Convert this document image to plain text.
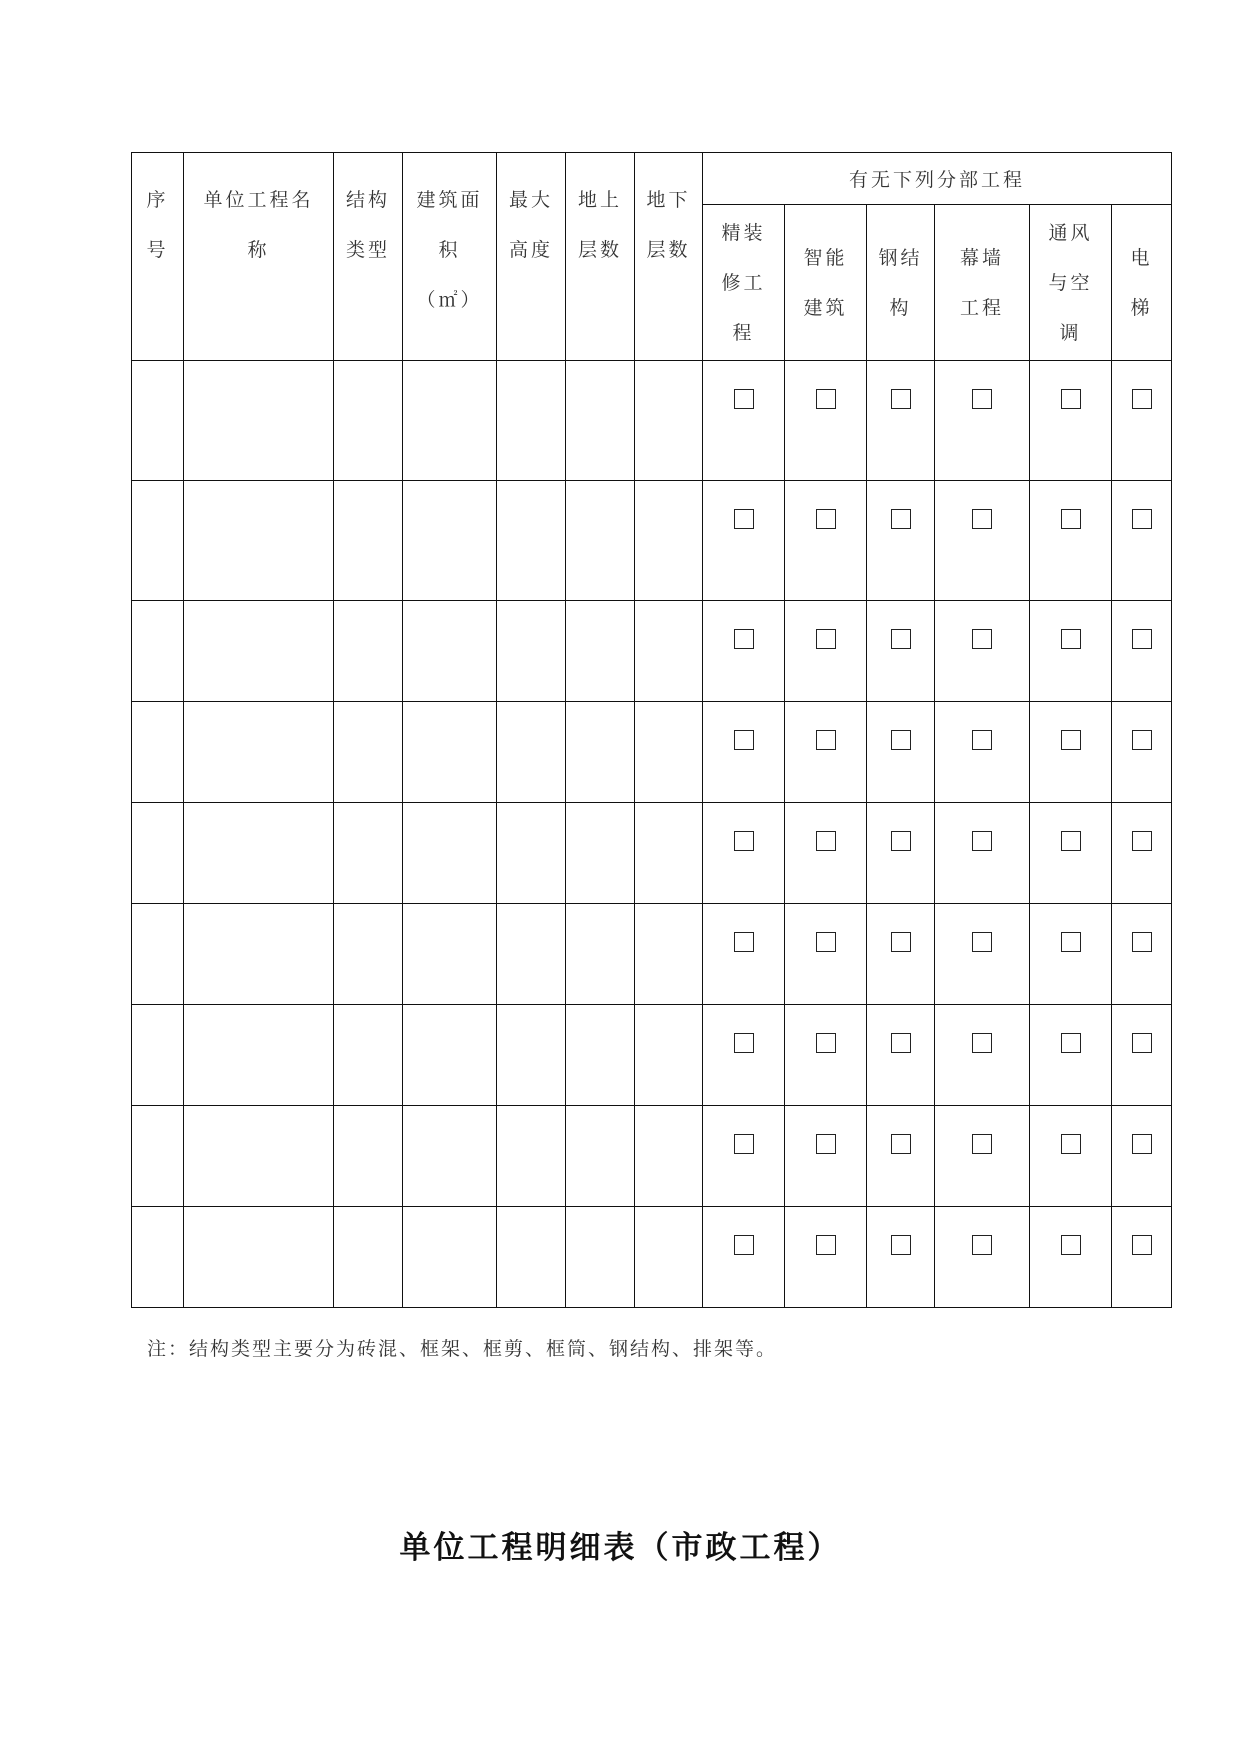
序号	单位工程名称	结构类型	建筑面积（㎡）	最大高度	地上层数	地下层数	有无下列分部工程					
							精装修工程	智能建筑	钢结构	幕墙工程	通风与空调	电梯

注：结构类型主要分为砖混、框架、框剪、框筒、钢结构、排架等。
单位工程明细表（市政工程）
